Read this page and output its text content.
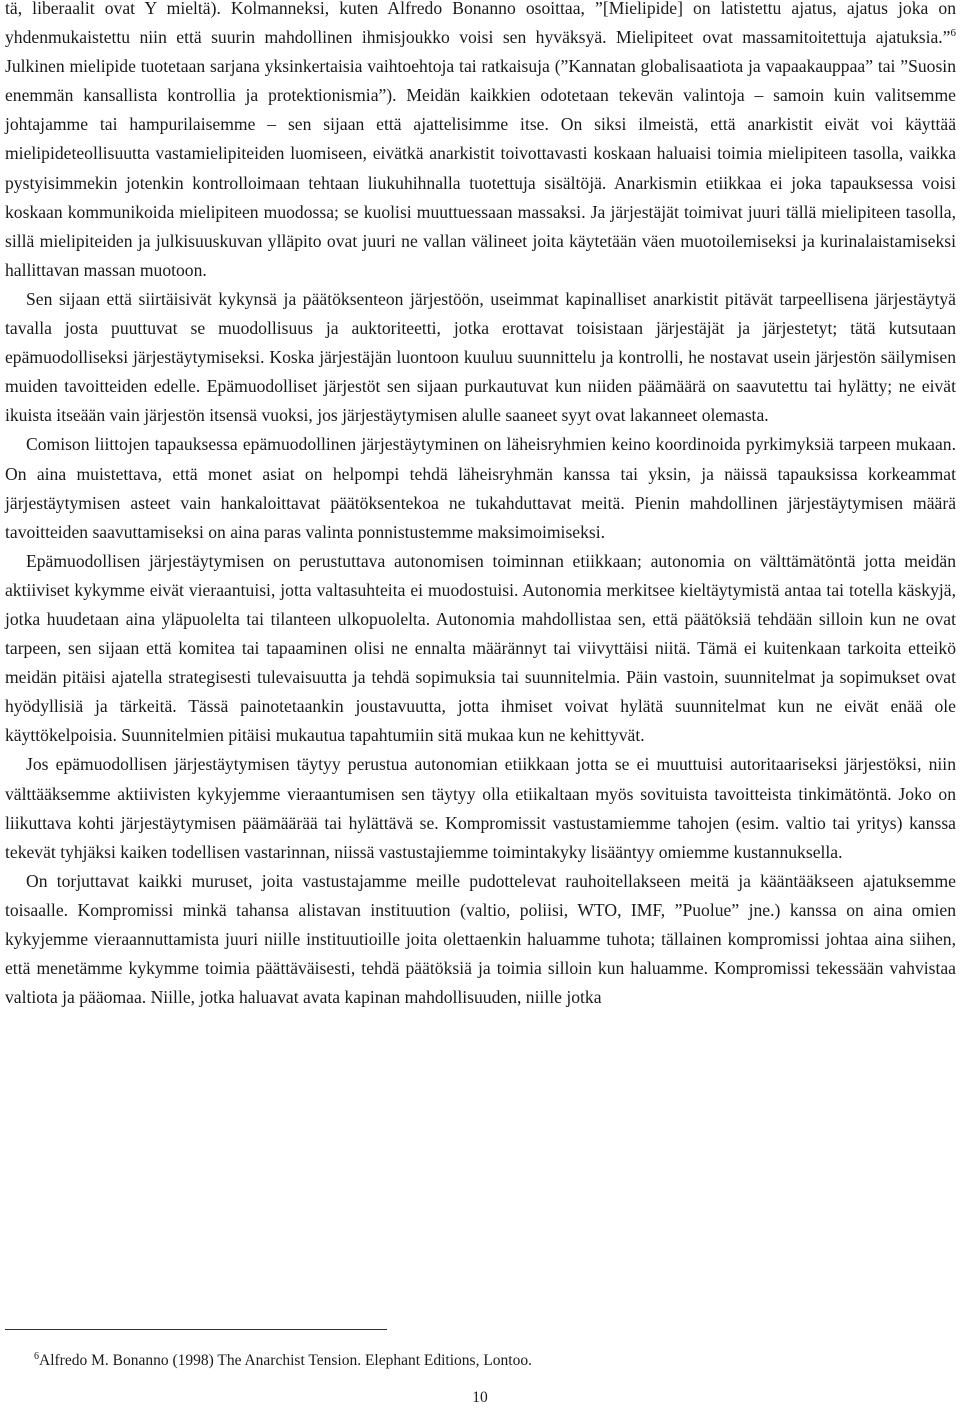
tä, liberaalit ovat Y mieltä). Kolmanneksi, kuten Alfredo Bonanno osoittaa, ”[Mielipide] on latistettu ajatus, ajatus joka on yhdenmukaistettu niin että suurin mahdollinen ihmisjoukko voisi sen hyväksyä. Mielipiteet ovat massamitoitettuja ajatuksia.”$^6$ Julkinen mielipide tuotetaan sarjana yksinkertaisia vaihtoehtoja tai ratkaisuja (”Kannatan globalisaatiota ja vapaakauppaa” tai ”Suosin enemmän kansallista kontrollia ja protektionismia”). Meidän kaikkien odotetaan tekevän valintoja – samoin kuin valitsemme johtajamme tai hampurilaisemme – sen sijaan että ajattelisimme itse. On siksi ilmeistä, että anarkistit eivät voi käyttää mielipideteollisuutta vastamielipiteiden luomiseen, eivätkä anarkistit toivottavasti koskaan haluaisi toimia mielipiteen tasolla, vaikka pystyisimmekin jotenkin kontrolloimaan tehtaan liukuhihnalla tuotettuja sisältöjä. Anarkismin etiikkaa ei joka tapauksessa voisi koskaan kommunikoida mielipiteen muodossa; se kuolisi muuttuessaan massaksi. Ja järjestäjät toimivat juuri tällä mielipiteen tasolla, sillä mielipiteiden ja julkisuuskuvan ylläpito ovat juuri ne vallan välineet joita käytetään väen muotoilemiseksi ja kurinalaistamiseksi hallittavan massan muotoon.

Sen sijaan että siirtäisivät kykynsä ja päätöksenteon järjestöön, useimmat kapinalliset anarkistit pitävät tarpeellisena järjestäytyä tavalla josta puuttuvat se muodollisuus ja auktoriteetti, jotka erottavat toisistaan järjestäjät ja järjestetyt; tätä kutsutaan epämuodolliseksi järjestäytymiseksi. Koska järjestäjän luontoon kuuluu suunnittelu ja kontrolli, he nostavat usein järjestön säilymisen muiden tavoitteiden edelle. Epämuodolliset järjestöt sen sijaan purkautuvat kun niiden päämäärä on saavutettu tai hylätty; ne eivät ikuista itseään vain järjestön itsensä vuoksi, jos järjestäytymisen alulle saaneet syyt ovat lakanneet olemasta.

Comison liittojen tapauksessa epämuodollinen järjestäytyminen on läheisryhmien keino koordinoida pyrkimyksiä tarpeen mukaan. On aina muistettava, että monet asiat on helpompi tehdä läheisryhmän kanssa tai yksin, ja näissä tapauksissa korkeammat järjestäytymisen asteet vain hankaloittavat päätöksentekoa ne tukahduttavat meitä. Pienin mahdollinen järjestäytymisen määrä tavoitteiden saavuttamiseksi on aina paras valinta ponnistustemme maksimoimiseksi.

Epämuodollisen järjestäytymisen on perustuttava autonomisen toiminnan etiikkaan; autonomia on välttämätöntä jotta meidän aktiiviset kykymme eivät vieraantuisi, jotta valtasuhteita ei muodostuisi. Autonomia merkitsee kieltäytymistä antaa tai totella käskyjä, jotka huudetaan aina yläpuolelta tai tilanteen ulkopuolelta. Autonomia mahdollistaa sen, että päätöksiä tehdään silloin kun ne ovat tarpeen, sen sijaan että komitea tai tapaaminen olisi ne ennalta määrännyt tai viivyttäisi niitä. Tämä ei kuitenkaan tarkoita etteikö meidän pitäisi ajatella strategisesti tulevaisuutta ja tehdä sopimuksia tai suunnitelmia. Päin vastoin, suunnitelmat ja sopimukset ovat hyödyllisiä ja tärkeitä. Tässä painotetaankin joustavuutta, jotta ihmiset voivat hylätä suunnitelmat kun ne eivät enää ole käyttökelpoisia. Suunnitelmien pitäisi mukautua tapahtumiin sitä mukaa kun ne kehittyvät.

Jos epämuodollisen järjestäytymisen täytyy perustua autonomian etiikkaan jotta se ei muuttuisi autoritaariseksi järjestöksi, niin välttääksemme aktiivisten kykyjemme vieraantumisen sen täytyy olla etiikaltaan myös sovituista tavoitteista tinkimätöntä. Joko on liikuttava kohti järjestäytymisen päämäärää tai hylättävä se. Kompromissit vastustamiemme tahojen (esim. valtio tai yritys) kanssa tekevät tyhjäksi kaiken todellisen vastarinnan, niissä vastustajiemme toimintakyky lisääntyy omiemme kustannuksella.

On torjuttavat kaikki muruset, joita vastustajamme meille pudottelevat rauhoitellakseen meitä ja kääntääkseen ajatuksemme toisaalle. Kompromissi minkä tahansa alistavan instituution (valtio, poliisi, WTO, IMF, ”Puolue” jne.) kanssa on aina omien kykyjemme vieraannuttamista juuri niille instituutioille joita olettaenkin haluamme tuhota; tällainen kompromissi johtaa aina siihen, että menetämme kykymme toimia päättäväisesti, tehdä päätöksiä ja toimia silloin kun haluamme. Kompromissi tekessään vahvistaa valtiota ja pääomaa. Niille, jotka haluavat avata kapinan mahdollisuuden, niille jotka

$^6$Alfredo M. Bonanno (1998) The Anarchist Tension. Elephant Editions, Lontoo.
10
